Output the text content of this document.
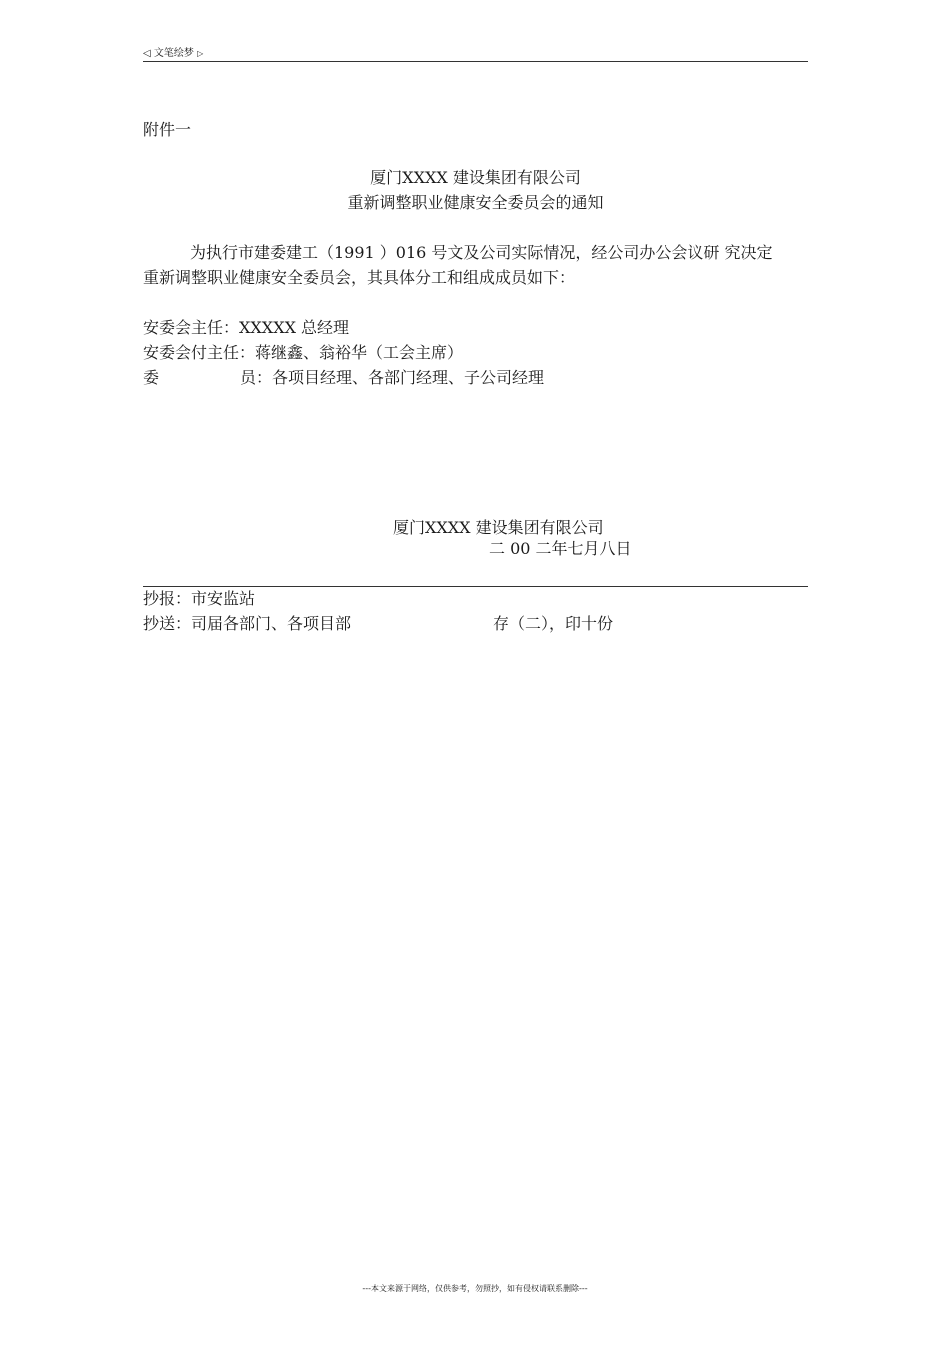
◁ 文笔绘梦 ▷
附件一
厦门XXXX 建设集团有限公司
重新调整职业健康安全委员会的通知
为执行市建委建工（1991 ）016 号文及公司实际情况，经公司办公会议研 究决定
重新调整职业健康安全委员会，其具体分工和组成成员如下：
安委会主任：XXXXX 总经理
安委会付主任：蒋继鑫、翁裕华（工会主席）
委	员：各项目经理、各部门经理、子公司经理
厦门XXXX 建设集团有限公司
二 00 二年七月八日
抄报：市安监站
抄送：司届各部门、各项目部	存（二），印十份
---本文来源于网络，仅供参考，勿照抄，如有侵权请联系删除---
